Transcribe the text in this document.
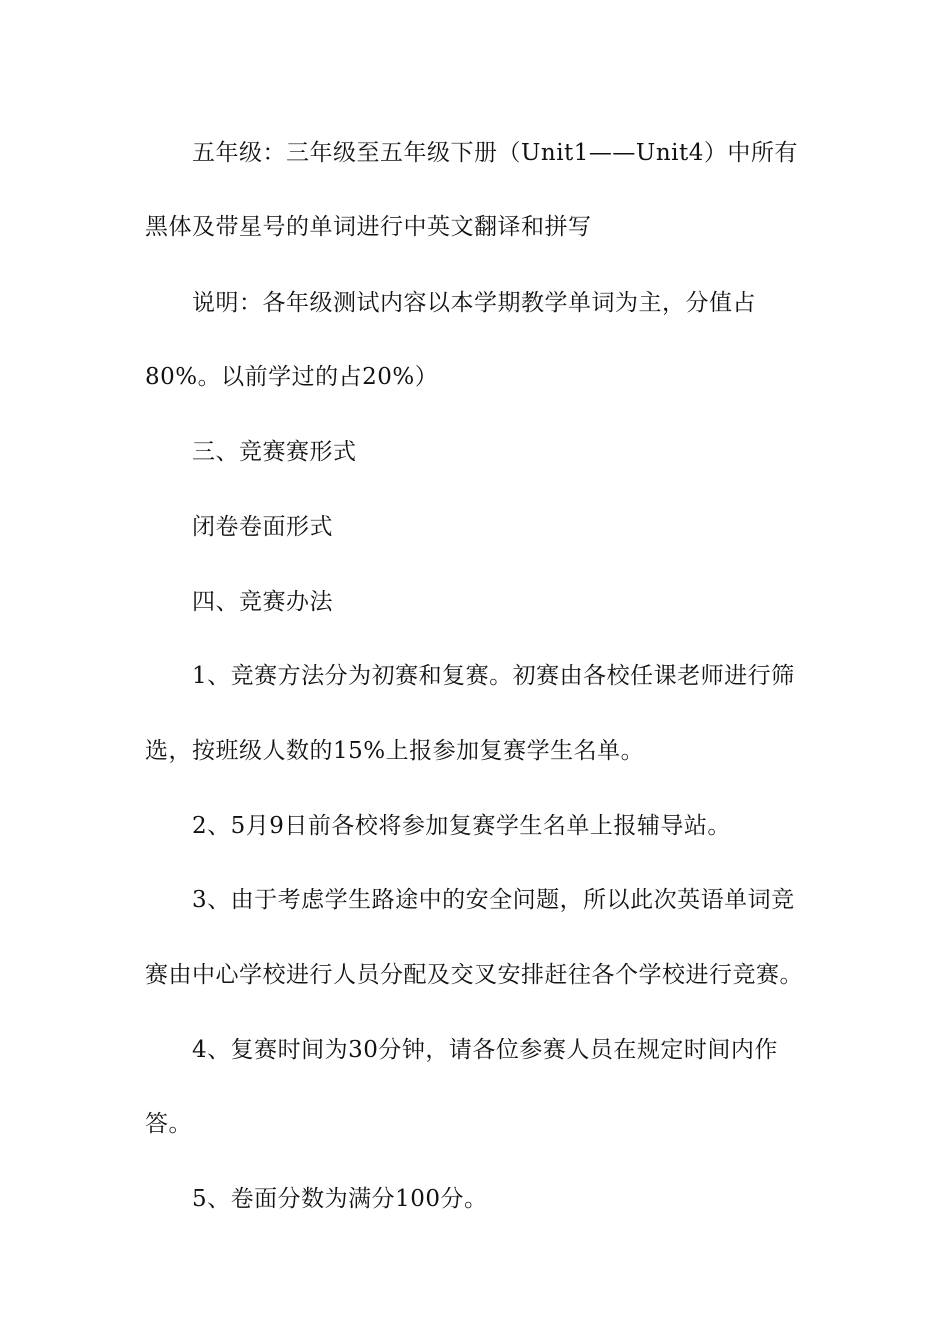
五年级：三年级至五年级下册（Unit1——Unit4）中所有
黑体及带星号的单词进行中英文翻译和拼写
说明：各年级测试内容以本学期教学单词为主，分值占
80%。以前学过的占20%）
三、竞赛赛形式
闭卷卷面形式
四、竞赛办法
1、竞赛方法分为初赛和复赛。初赛由各校任课老师进行筛
选，按班级人数的15%上报参加复赛学生名单。
2、5月9日前各校将参加复赛学生名单上报辅导站。
3、由于考虑学生路途中的安全问题，所以此次英语单词竞
赛由中心学校进行人员分配及交叉安排赶往各个学校进行竞赛。
4、复赛时间为30分钟，请各位参赛人员在规定时间内作
答。
5、卷面分数为满分100分。
